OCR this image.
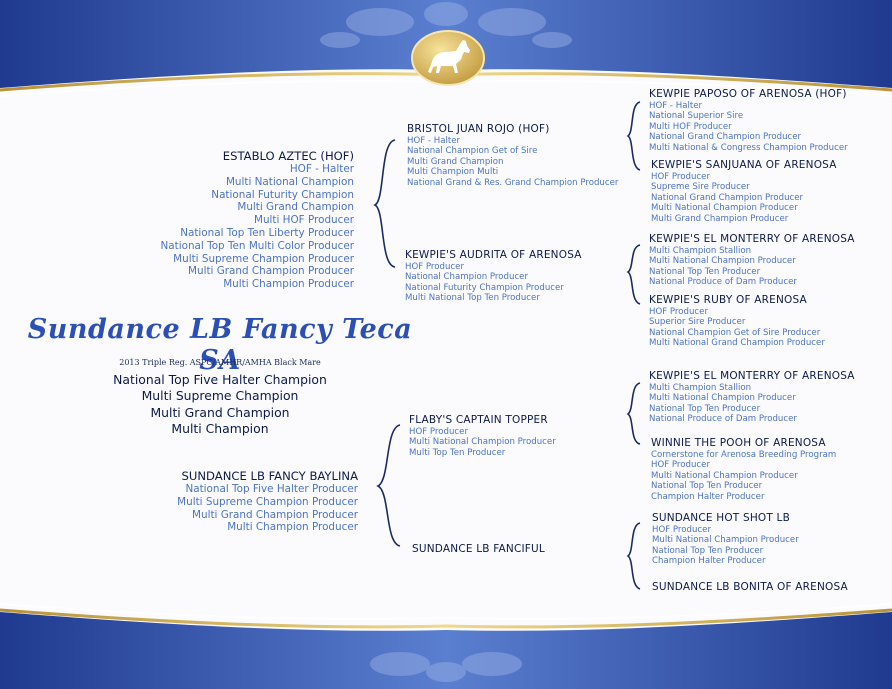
ESTABLO AZTEC (HOF)
HOF - Halter
Multi National Champion
National Futurity Champion
Multi Grand Champion
Multi HOF Producer
National Top Ten Liberty Producer
National Top Ten Multi Color Producer
Multi Supreme Champion Producer
Multi Grand Champion Producer
Multi Champion Producer
Sundance LB Fancy Teca SA
2013 Triple Reg. ASPC/AMHR/AMHA Black Mare
National Top Five Halter Champion
Multi Supreme Champion
Multi Grand Champion
Multi Champion
SUNDANCE LB FANCY BAYLINA
National Top Five Halter Producer
Multi Supreme Champion Producer
Multi Grand Champion Producer
Multi Champion Producer
BRISTOL JUAN ROJO (HOF)
HOF - Halter
National Champion Get of Sire
Multi Grand Champion
Multi Champion Multi
National Grand & Res. Grand Champion Producer
KEWPIE'S AUDRITA OF ARENOSA
HOF Producer
National Champion Producer
National Futurity Champion Producer
Multi National Top Ten Producer
FLABY'S CAPTAIN TOPPER
HOF Producer
Multi National Champion Producer
Multi Top Ten Producer
SUNDANCE LB FANCIFUL
KEWPIE PAPOSO OF ARENOSA (HOF)
HOF - Halter
National Superior Sire
Multi HOF Producer
National Grand Champion Producer
Multi National & Congress Champion Producer
KEWPIE'S SANJUANA OF ARENOSA
HOF Producer
Supreme Sire Producer
National Grand Champion Producer
Multi National Champion Producer
Multi Grand Champion Producer
KEWPIE'S EL MONTERRY OF ARENOSA
Multi Champion Stallion
Multi National Champion Producer
National Top Ten Producer
National Produce of Dam Producer
KEWPIE'S RUBY OF ARENOSA
HOF Producer
Superior Sire Producer
National Champion Get of Sire Producer
Multi National Grand Champion Producer
KEWPIE'S EL MONTERRY OF ARENOSA
Multi Champion Stallion
Multi National Champion Producer
National Top Ten Producer
National Produce of Dam Producer
WINNIE THE POOH OF ARENOSA
Cornerstone for Arenosa Breeding Program
HOF Producer
Multi National Champion Producer
National Top Ten Producer
Champion Halter Producer
SUNDANCE HOT SHOT LB
HOF Producer
Multi National Champion Producer
National Top Ten Producer
Champion Halter Producer
SUNDANCE LB BONITA OF ARENOSA
